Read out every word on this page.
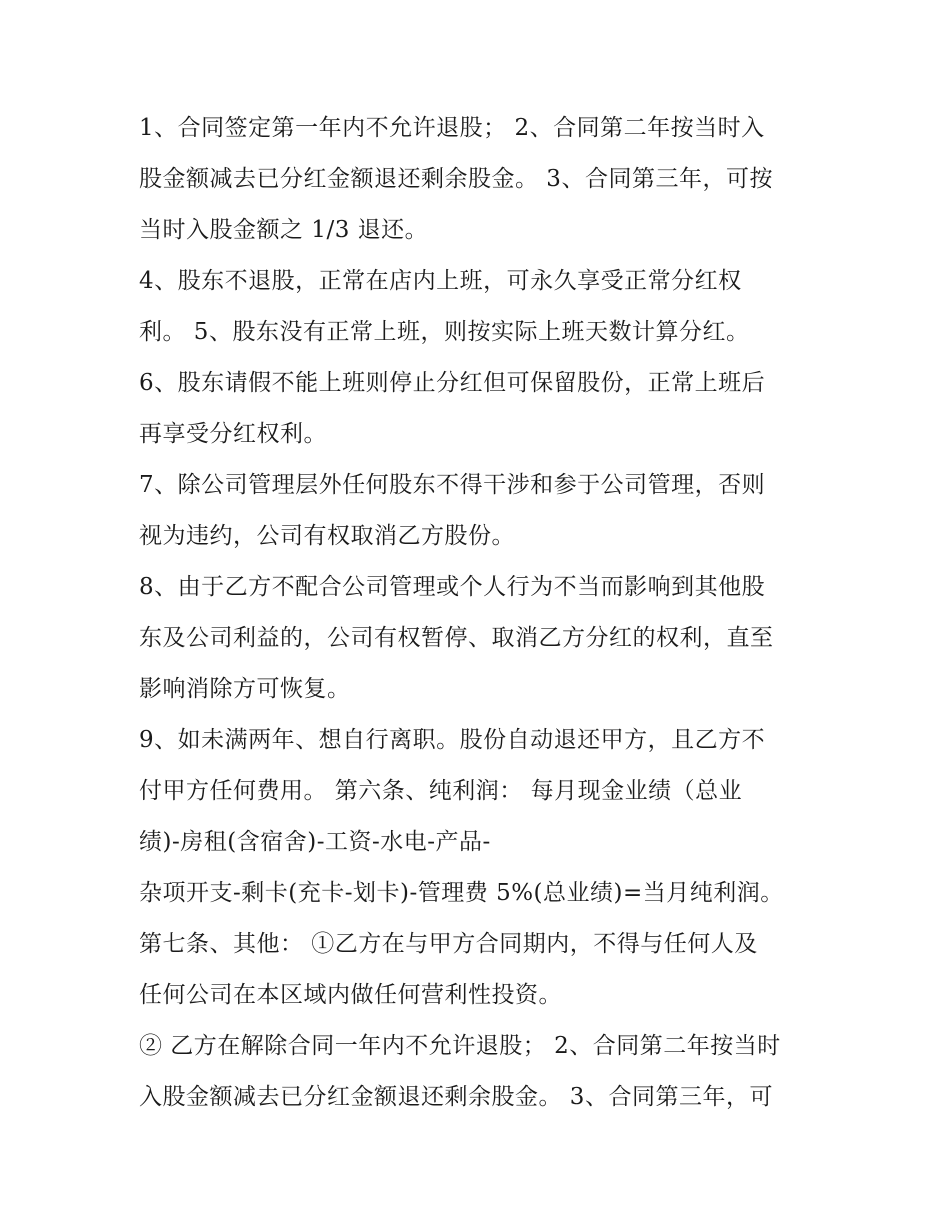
1、合同签定第一年内不允许退股； 2、合同第二年按当时入
股金额减去已分红金额退还剩余股金。 3、合同第三年，可按
当时入股金额之 1/3 退还。
4、股东不退股，正常在店内上班，可永久享受正常分红权
利。 5、股东没有正常上班，则按实际上班天数计算分红。
6、股东请假不能上班则停止分红但可保留股份，正常上班后
再享受分红权利。
7、除公司管理层外任何股东不得干涉和参于公司管理，否则
视为违约，公司有权取消乙方股份。
8、由于乙方不配合公司管理或个人行为不当而影响到其他股
东及公司利益的，公司有权暂停、取消乙方分红的权利，直至
影响消除方可恢复。
9、如未满两年、想自行离职。股份自动退还甲方，且乙方不
付甲方任何费用。 第六条、纯利润： 每月现金业绩（总业
绩)-房租(含宿舍)-工资-水电-产品-
杂项开支-剩卡(充卡-划卡)-管理费 5%(总业绩)=当月纯利润。
第七条、其他： ①乙方在与甲方合同期内，不得与任何人及
任何公司在本区域内做任何营利性投资。
② 乙方在解除合同一年内不允许退股； 2、合同第二年按当时
入股金额减去已分红金额退还剩余股金。 3、合同第三年，可
